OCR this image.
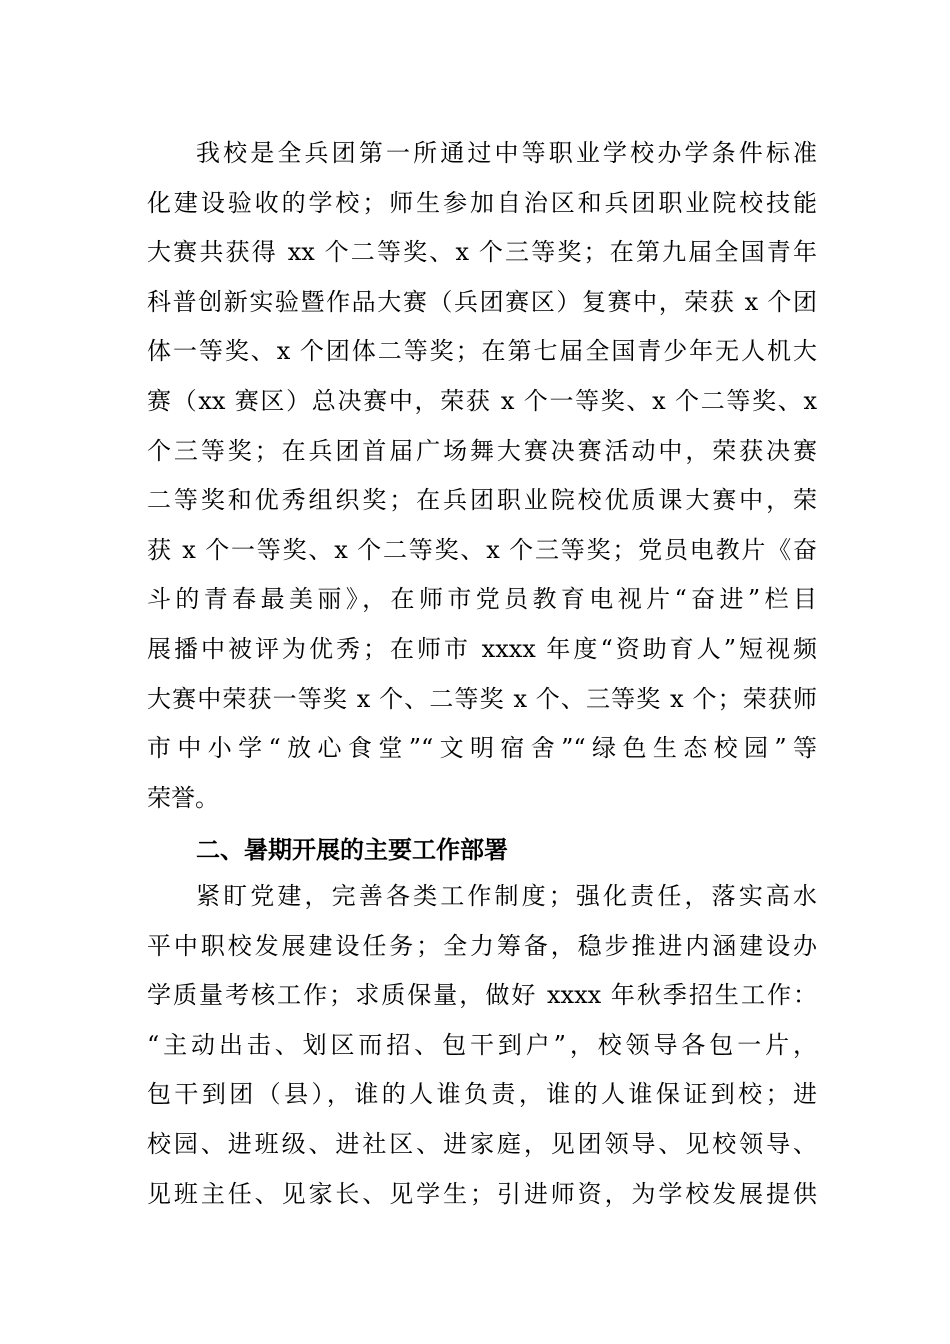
我校是全兵团第一所通过中等职业学校办学条件标准
化建设验收的学校；师生参加自治区和兵团职业院校技能
大赛共获得 xx 个二等奖、x 个三等奖；在第九届全国青年
科普创新实验暨作品大赛（兵团赛区）复赛中，荣获 x 个团
体一等奖、x 个团体二等奖；在第七届全国青少年无人机大
赛（xx 赛区）总决赛中，荣获 x 个一等奖、x 个二等奖、x
个三等奖；在兵团首届广场舞大赛决赛活动中，荣获决赛
二等奖和优秀组织奖；在兵团职业院校优质课大赛中，荣
获 x 个一等奖、x 个二等奖、x 个三等奖；党员电教片《奋
斗的青春最美丽》，在师市党员教育电视片“奋进”栏目
展播中被评为优秀；在师市 xxxx 年度“资助育人”短视频
大赛中荣获一等奖 x 个、二等奖 x 个、三等奖 x 个；荣获师
市中小学“放心食堂”“文明宿舍”“绿色生态校园”等
荣誉。
二、暑期开展的主要工作部署
紧盯党建，完善各类工作制度；强化责任，落实高水
平中职校发展建设任务；全力筹备，稳步推进内涵建设办
学质量考核工作；求质保量，做好 xxxx 年秋季招生工作：
“主动出击、划区而招、包干到户”，校领导各包一片，
包干到团（县），谁的人谁负责，谁的人谁保证到校；进
校园、进班级、进社区、进家庭，见团领导、见校领导、
见班主任、见家长、见学生；引进师资，为学校发展提供
